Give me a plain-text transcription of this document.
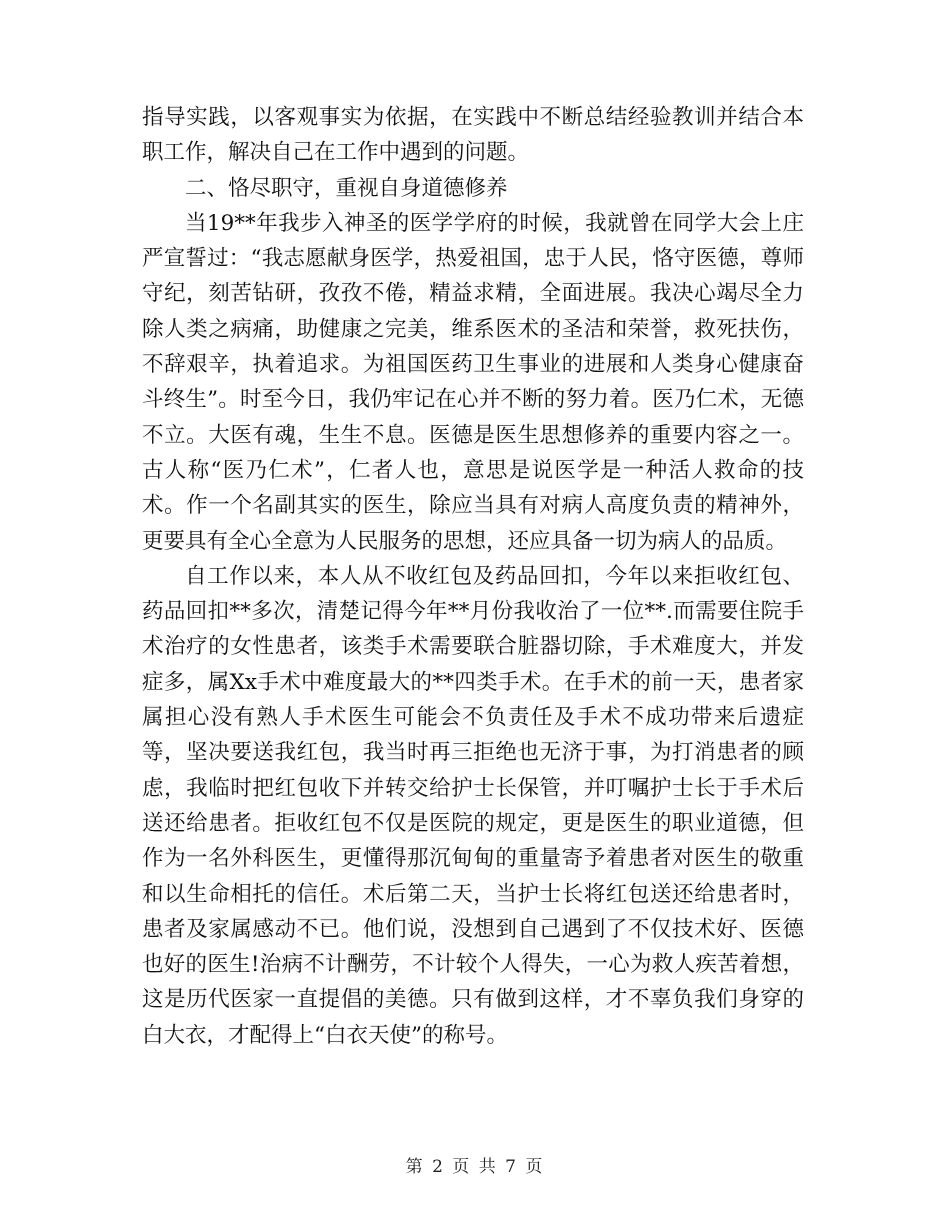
指导实践，以客观事实为依据，在实践中不断总结经验教训并结合本职工作，解决自己在工作中遇到的问题。

二、恪尽职守，重视自身道德修养

当19**年我步入神圣的医学学府的时候，我就曾在同学大会上庄严宣誓过：“我志愿献身医学，热爱祖国，忠于人民，恪守医德，尊师守纪，刻苦钻研，孜孜不倦，精益求精，全面进展。我决心竭尽全力除人类之病痛，助健康之完美，维系医术的圣洁和荣誉，救死扶伤，不辞艰辛，执着追求。为祖国医药卫生事业的进展和人类身心健康奋斗终生”。时至今日，我仍牢记在心并不断的努力着。医乃仁术，无德不立。大医有魂，生生不息。医德是医生思想修养的重要内容之一。古人称“医乃仁术”，仁者人也，意思是说医学是一种活人救命的技术。作一个名副其实的医生，除应当具有对病人高度负责的精神外，更要具有全心全意为人民服务的思想，还应具备一切为病人的品质。

自工作以来，本人从不收红包及药品回扣，今年以来拒收红包、药品回扣**多次，清楚记得今年**月份我收治了一位**.而需要住院手术治疗的女性患者，该类手术需要联合脏器切除，手术难度大，并发症多，属Xx手术中难度最大的**四类手术。在手术的前一天，患者家属担心没有熟人手术医生可能会不负责任及手术不成功带来后遗症等，坚决要送我红包，我当时再三拒绝也无济于事，为打消患者的顾虑，我临时把红包收下并转交给护士长保管，并叮嘱护士长于手术后送还给患者。拒收红包不仅是医院的规定，更是医生的职业道德，但作为一名外科医生，更懂得那沉甸甸的重量寄予着患者对医生的敬重和以生命相托的信任。术后第二天，当护士长将红包送还给患者时，患者及家属感动不已。他们说，没想到自己遇到了不仅技术好、医德也好的医生!治病不计酬劳，不计较个人得失，一心为救人疾苦着想，这是历代医家一直提倡的美德。只有做到这样，才不辜负我们身穿的白大衣，才配得上“白衣天使”的称号。

第 2 页 共 7 页
